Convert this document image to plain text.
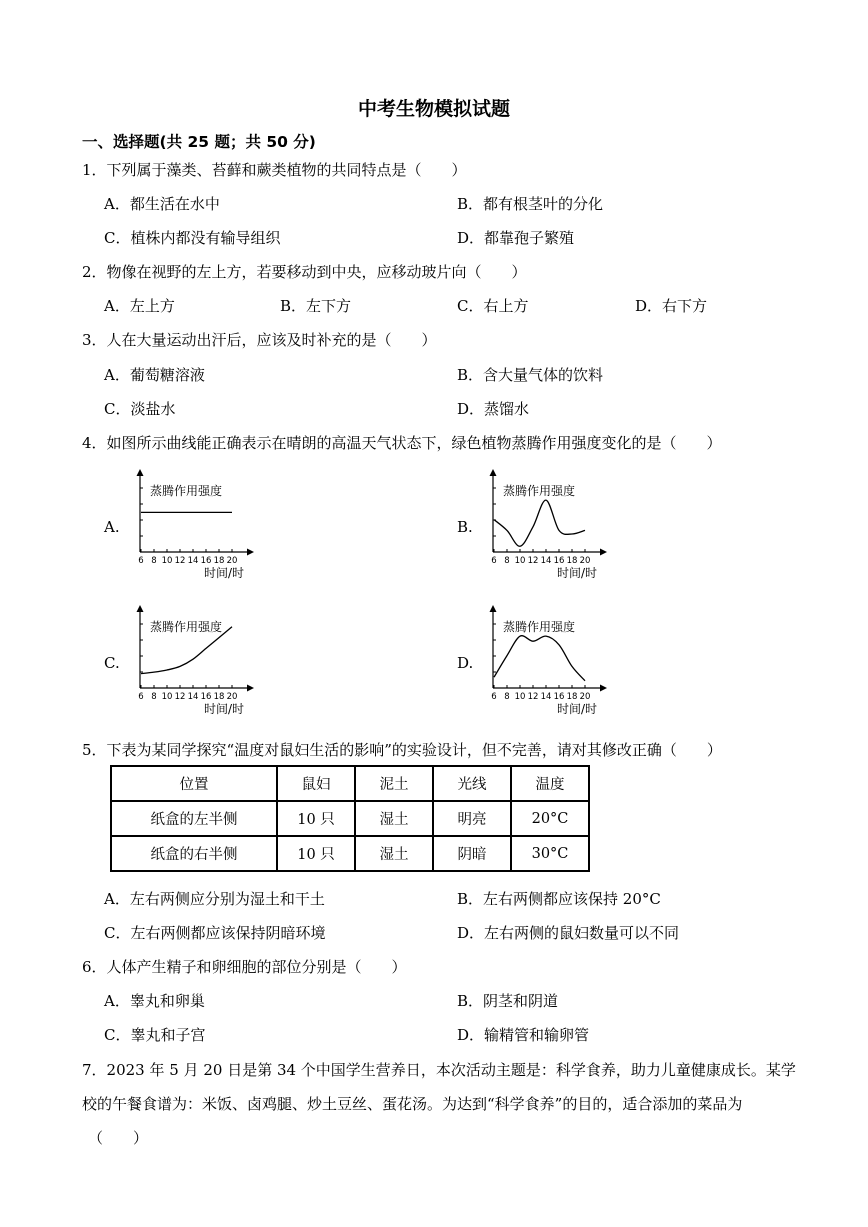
中考生物模拟试题
一、选择题(共 25 题；共 50 分)
1．下列属于藻类、苔藓和蕨类植物的共同特点是（　　）
A．都生活在水中	B．都有根茎叶的分化
C．植株内都没有输导组织	D．都靠孢子繁殖
2．物像在视野的左上方，若要移动到中央，应移动玻片向（　　）
A．左上方	B．左下方	C．右上方	D．右下方
3．人在大量运动出汗后，应该及时补充的是（　　）
A．葡萄糖溶液	B．含大量气体的饮料
C．淡盐水	D．蒸馏水
4．如图所示曲线能正确表示在晴朗的高温天气状态下，绿色植物蒸腾作用强度变化的是（　　）
A.	B.
C.	D.
6 8 10 12 14 16 18 20
蒸腾作用强度
时间/时
6 8 10 12 14 16 18 20
蒸腾作用强度
时间/时
6 8 10 12 14 16 18 20
蒸腾作用强度
时间/时
6 8 10 12 14 16 18 20
蒸腾作用强度
时间/时
5．下表为某同学探究“温度对鼠妇生活的影响”的实验设计，但不完善，请对其修改正确（　　）
位置	鼠妇	泥土	光线	温度
纸盒的左半侧	10 只	湿土	明亮	20°C
纸盒的右半侧	10 只	湿土	阴暗	30°C
A．左右两侧应分别为湿土和干土	B．左右两侧都应该保持 20°C
C．左右两侧都应该保持阴暗环境	D．左右两侧的鼠妇数量可以不同
6．人体产生精子和卵细胞的部位分别是（　　）
A．睾丸和卵巢	B．阴茎和阴道
C．睾丸和子宫	D．输精管和输卵管
7．2023 年 5 月 20 日是第 34 个中国学生营养日，本次活动主题是：科学食养，助力儿童健康成长。某学
校的午餐食谱为：米饭、卤鸡腿、炒土豆丝、蛋花汤。为达到“科学食养”的目的，适合添加的菜品为
（　　）
